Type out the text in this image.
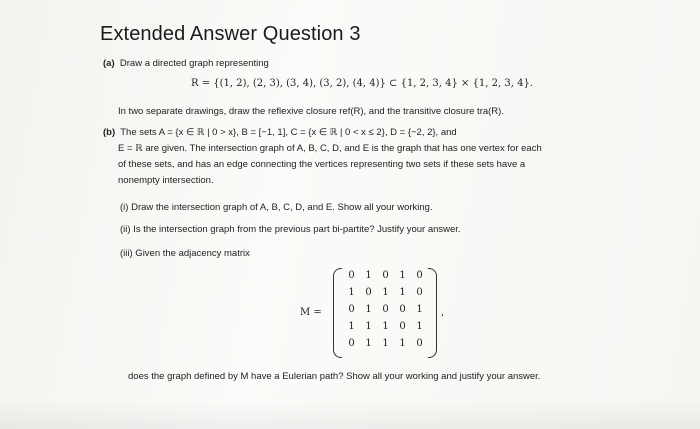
Extended Answer Question 3
(a) Draw a directed graph representing
R = {(1, 2), (2, 3), (3, 4), (3, 2), (4, 4)} ⊂ {1, 2, 3, 4} × {1, 2, 3, 4}.
In two separate drawings, draw the reflexive closure ref(R), and the transitive closure tra(R).
(b) The sets A = {x ∈ ℝ | 0 > x}, B = [−1, 1], C = {x ∈ ℝ | 0 < x ≤ 2}, D = {−2, 2}, and
E = ℝ are given. The intersection graph of A, B, C, D, and E is the graph that has one vertex for each
of these sets, and has an edge connecting the vertices representing two sets if these sets have a
nonempty intersection.
(i) Draw the intersection graph of A, B, C, D, and E. Show all your working.
(ii) Is the intersection graph from the previous part bi-partite? Justify your answer.
(iii) Given the adjacency matrix
M =
0	1	0	1	0
1	0	1	1	0
0	1	0	0	1
1	1	1	0	1
0	1	1	1	0
,
does the graph defined by M have a Eulerian path? Show all your working and justify your answer.
